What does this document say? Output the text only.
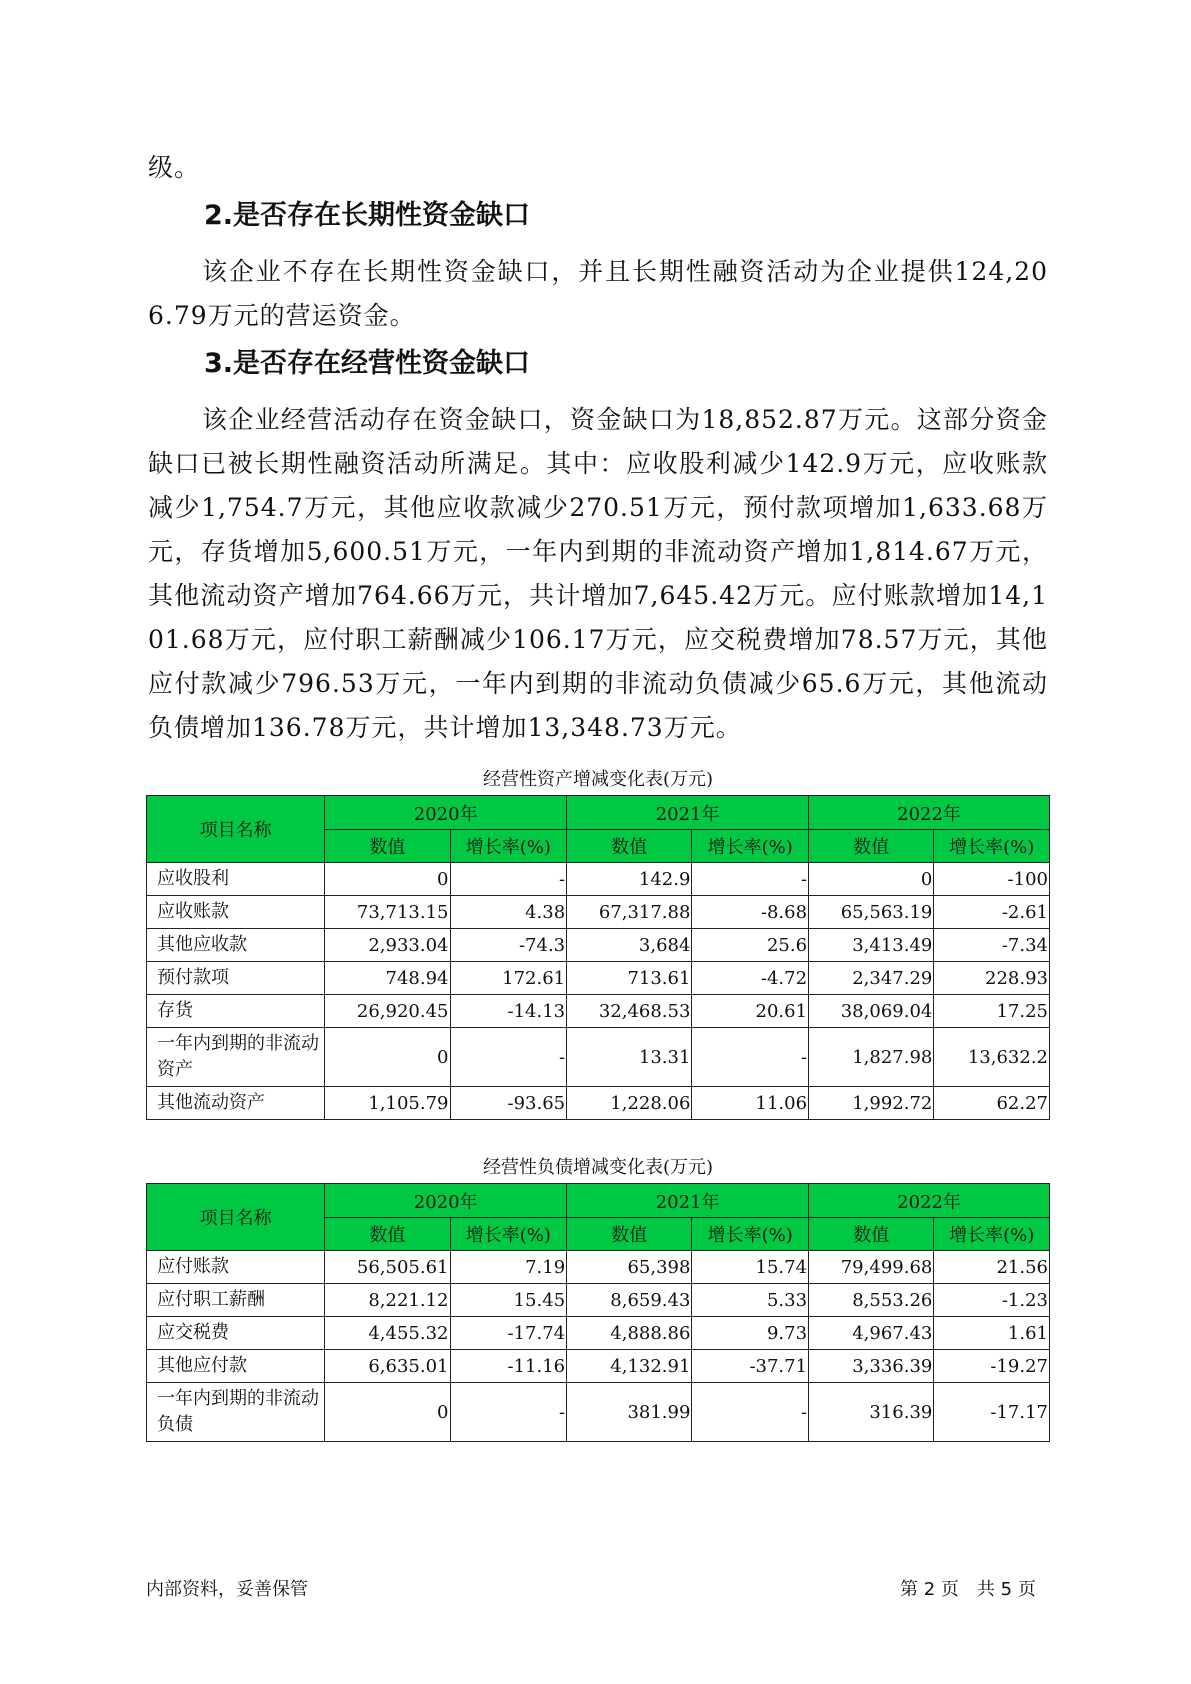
级。

2.是否存在长期性资金缺口

该企业不存在长期性资金缺口，并且长期性融资活动为企业提供124,206.79万元的营运资金。

3.是否存在经营性资金缺口

该企业经营活动存在资金缺口，资金缺口为18,852.87万元。这部分资金缺口已被长期性融资活动所满足。其中：应收股利减少142.9万元，应收账款减少1,754.7万元，其他应收款减少270.51万元，预付款项增加1,633.68万元，存货增加5,600.51万元，一年内到期的非流动资产增加1,814.67万元，其他流动资产增加764.66万元，共计增加7,645.42万元。应付账款增加14,101.68万元，应付职工薪酬减少106.17万元，应交税费增加78.57万元，其他应付款减少796.53万元，一年内到期的非流动负债减少65.6万元，其他流动负债增加136.78万元，共计增加13,348.73万元。

经营性资产增减变化表(万元)
项目名称	2020年		2021年		2022年	
	数值	增长率(%)	数值	增长率(%)	数值	增长率(%)
应收股利	0	-	142.9	-	0	-100
应收账款	73,713.15	4.38	67,317.88	-8.68	65,563.19	-2.61
其他应收款	2,933.04	-74.3	3,684	25.6	3,413.49	-7.34
预付款项	748.94	172.61	713.61	-4.72	2,347.29	228.93
存货	26,920.45	-14.13	32,468.53	20.61	38,069.04	17.25
一年内到期的非流动资产	0	-	13.31	-	1,827.98	13,632.2
其他流动资产	1,105.79	-93.65	1,228.06	11.06	1,992.72	62.27
经营性负债增减变化表(万元)
项目名称	2020年		2021年		2022年	
	数值	增长率(%)	数值	增长率(%)	数值	增长率(%)
应付账款	56,505.61	7.19	65,398	15.74	79,499.68	21.56
应付职工薪酬	8,221.12	15.45	8,659.43	5.33	8,553.26	-1.23
应交税费	4,455.32	-17.74	4,888.86	9.73	4,967.43	1.61
其他应付款	6,635.01	-11.16	4,132.91	-37.71	3,336.39	-19.27
一年内到期的非流动负债	0	-	381.99	-	316.39	-17.17
内部资料，妥善保管	第 2 页　共 5 页
